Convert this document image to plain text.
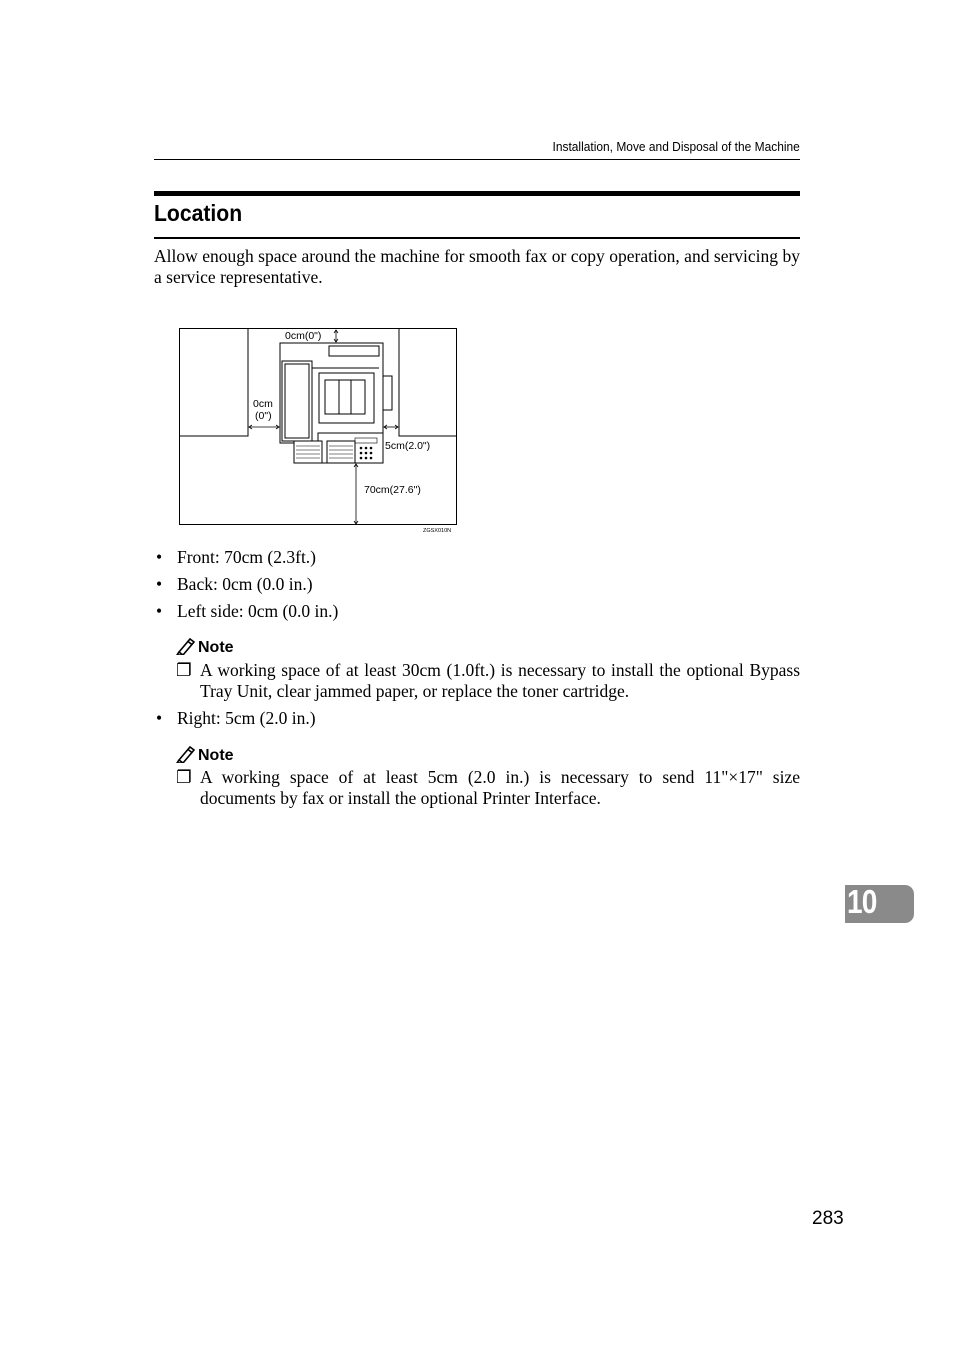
Installation, Move and Disposal of the Machine
Location

Allow enough space around the machine for smooth fax or copy operation, and servicing by a service representative.

0cm(0")
0cm
(0")
5cm(2.0")
70cm(27.6")
ZGSX010N
• Front: 70cm (2.3ft.)
• Back: 0cm (0.0 in.)
• Left side: 0cm (0.0 in.)
Note
❐ A working space of at least 30cm (1.0ft.) is necessary to install the optional Bypass Tray Unit, clear jammed paper, or replace the toner cartridge.
• Right: 5cm (2.0 in.)
Note
❐ A working space of at least 5cm (2.0 in.) is necessary to send 11"×17" size documents by fax or install the optional Printer Interface.
10
283
